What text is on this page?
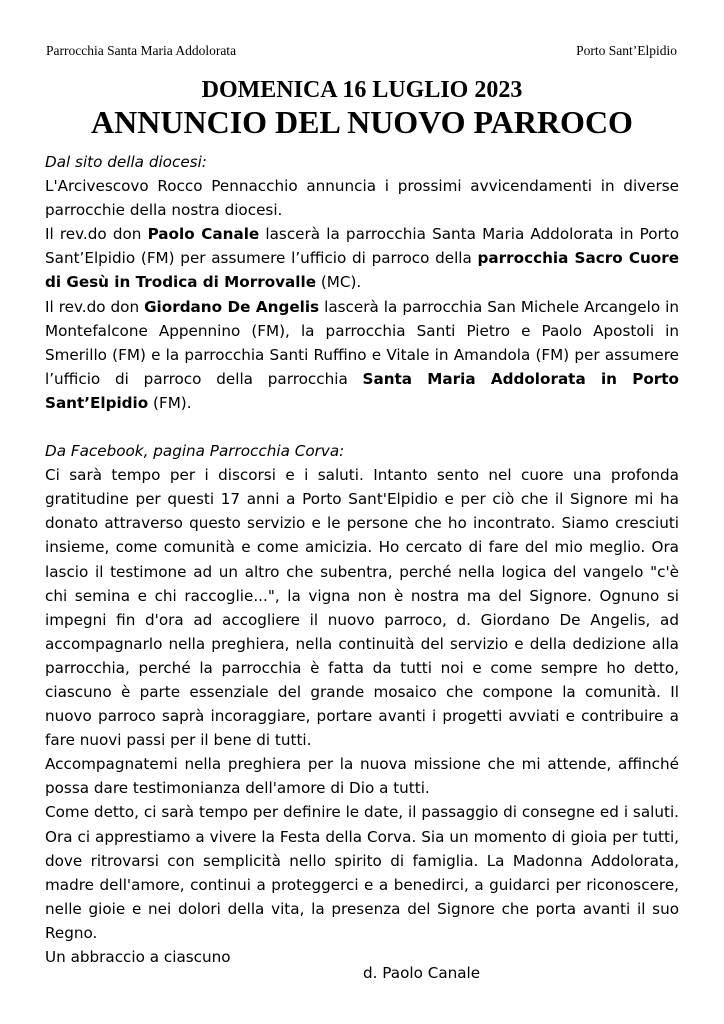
Parrocchia Santa Maria Addolorata	Porto Sant’Elpidio
DOMENICA 16 LUGLIO 2023
ANNUNCIO DEL NUOVO PARROCO

Dal sito della diocesi:

L'Arcivescovo Rocco Pennacchio annuncia i prossimi avvicendamenti in diverse parrocchie della nostra diocesi.

Il rev.do don Paolo Canale lascerà la parrocchia Santa Maria Addolorata in Porto Sant’Elpidio (FM) per assumere l’ufficio di parroco della parrocchia Sacro Cuore di Gesù in Trodica di Morrovalle (MC).

Il rev.do don Giordano De Angelis lascerà la parrocchia San Michele Arcangelo in Montefalcone Appennino (FM), la parrocchia Santi Pietro e Paolo Apostoli in Smerillo (FM) e la parrocchia Santi Ruffino e Vitale in Amandola (FM) per assumere l’ufficio di parroco della parrocchia Santa Maria Addolorata in Porto Sant’Elpidio (FM).

Da Facebook, pagina Parrocchia Corva:

Ci sarà tempo per i discorsi e i saluti. Intanto sento nel cuore una profonda gratitudine per questi 17 anni a Porto Sant'Elpidio e per ciò che il Signore mi ha donato attraverso questo servizio e le persone che ho incontrato. Siamo cresciuti insieme, come comunità e come amicizia. Ho cercato di fare del mio meglio. Ora lascio il testimone ad un altro che subentra, perché nella logica del vangelo "c'è chi semina e chi raccoglie...", la vigna non è nostra ma del Signore. Ognuno si impegni fin d'ora ad accogliere il nuovo parroco, d. Giordano De Angelis, ad accompagnarlo nella preghiera, nella continuità del servizio e della dedizione alla parrocchia, perché la parrocchia è fatta da tutti noi e come sempre ho detto, ciascuno è parte essenziale del grande mosaico che compone la comunità. Il nuovo parroco saprà incoraggiare, portare avanti i progetti avviati e contribuire a fare nuovi passi per il bene di tutti.

Accompagnatemi nella preghiera per la nuova missione che mi attende, affinché possa dare testimonianza dell'amore di Dio a tutti.

Come detto, ci sarà tempo per definire le date, il passaggio di consegne ed i saluti. Ora ci apprestiamo a vivere la Festa della Corva. Sia un momento di gioia per tutti, dove ritrovarsi con semplicità nello spirito di famiglia. La Madonna Addolorata, madre dell'amore, continui a proteggerci e a benedirci, a guidarci per riconoscere, nelle gioie e nei dolori della vita, la presenza del Signore che porta avanti il suo Regno.

Un abbraccio a ciascuno

d. Paolo Canale
